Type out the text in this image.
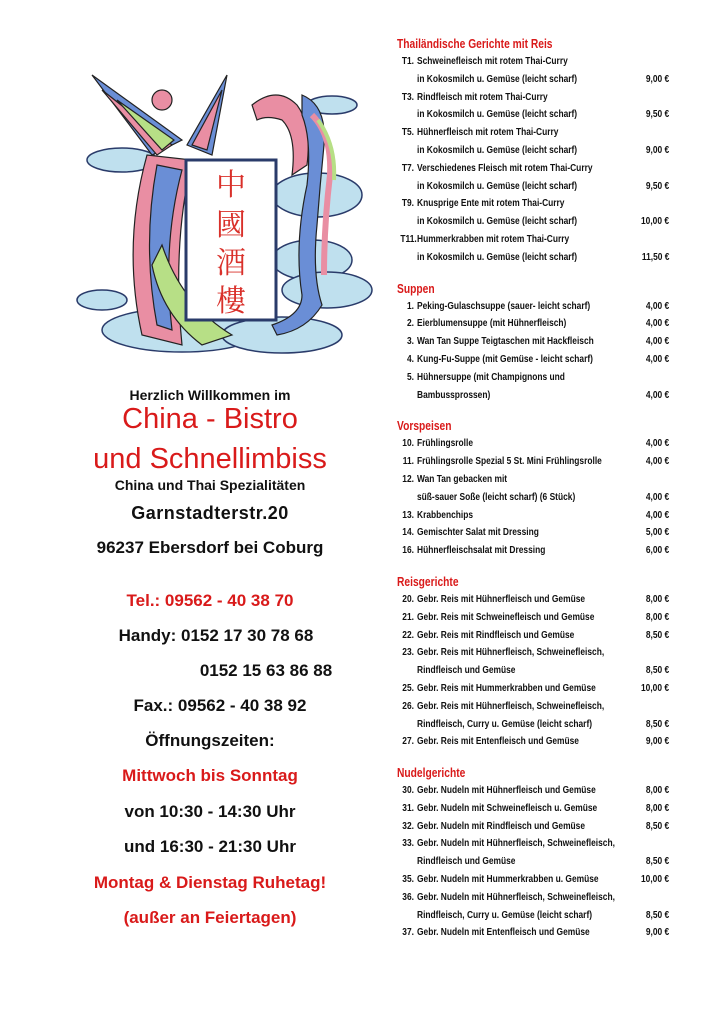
中
國
酒
樓
Herzlich Willkommen im
China - Bistro
und Schnellimbiss
China und Thai Spezialitäten
Garnstadterstr.20
96237 Ebersdorf bei Coburg
Tel.: 09562 - 40 38 70
Handy: 0152 17 30 78 68
0152 15 63 86 88
Fax.: 09562 - 40 38 92
Öffnungszeiten:
Mittwoch bis Sonntag
von 10:30 - 14:30 Uhr
und 16:30 - 21:30 Uhr
Montag & Dienstag Ruhetag!
(außer an Feiertagen)
Thailändische Gerichte mit Reis
T1. Schweinefleisch mit rotem Thai-Curry
in Kokosmilch u. Gemüse (leicht scharf)	9,00 €
T3. Rindfleisch mit rotem Thai-Curry
in Kokosmilch u. Gemüse (leicht scharf)	9,50 €
T5. Hühnerfleisch mit rotem Thai-Curry
in Kokosmilch u. Gemüse (leicht scharf)	9,00 €
T7. Verschiedenes Fleisch mit rotem Thai-Curry
in Kokosmilch u. Gemüse (leicht scharf)	9,50 €
T9. Knusprige Ente mit rotem Thai-Curry
in Kokosmilch u. Gemüse (leicht scharf)	10,00 €
T11. Hummerkrabben mit rotem Thai-Curry
in Kokosmilch u. Gemüse (leicht scharf)	11,50 €
Suppen
1. Peking-Gulaschsuppe (sauer- leicht scharf)	4,00 €
2. Eierblumensuppe (mit Hühnerfleisch)	4,00 €
3. Wan Tan Suppe Teigtaschen mit Hackfleisch	4,00 €
4. Kung-Fu-Suppe (mit Gemüse - leicht scharf)	4,00 €
5. Hühnersuppe (mit Champignons und
Bambussprossen)	4,00 €
Vorspeisen
10. Frühlingsrolle	4,00 €
11. Frühlingsrolle Spezial 5 St. Mini Frühlingsrolle	4,00 €
12. Wan Tan gebacken mit
süß-sauer Soße (leicht scharf) (6 Stück)	4,00 €
13. Krabbenchips	4,00 €
14. Gemischter Salat mit Dressing	5,00 €
16. Hühnerfleischsalat mit Dressing	6,00 €
Reisgerichte
20. Gebr. Reis mit Hühnerfleisch und Gemüse	8,00 €
21. Gebr. Reis mit Schweinefleisch und Gemüse	8,00 €
22. Gebr. Reis mit Rindfleisch und Gemüse	8,50 €
23. Gebr. Reis mit Hühnerfleisch, Schweinefleisch,
Rindfleisch und Gemüse	8,50 €
25. Gebr. Reis mit Hummerkrabben und Gemüse	10,00 €
26. Gebr. Reis mit Hühnerfleisch, Schweinefleisch,
Rindfleisch, Curry u. Gemüse (leicht scharf)	8,50 €
27. Gebr. Reis mit Entenfleisch und Gemüse	9,00 €
Nudelgerichte
30. Gebr. Nudeln mit Hühnerfleisch und Gemüse	8,00 €
31. Gebr. Nudeln mit Schweinefleisch u. Gemüse	8,00 €
32. Gebr. Nudeln mit Rindfleisch und Gemüse	8,50 €
33. Gebr. Nudeln mit Hühnerfleisch, Schweinefleisch,
Rindfleisch und Gemüse	8,50 €
35. Gebr. Nudeln mit Hummerkrabben u. Gemüse	10,00 €
36. Gebr. Nudeln mit Hühnerfleisch, Schweinefleisch,
Rindfleisch, Curry u. Gemüse (leicht scharf)	8,50 €
37. Gebr. Nudeln mit Entenfleisch und Gemüse	9,00 €
